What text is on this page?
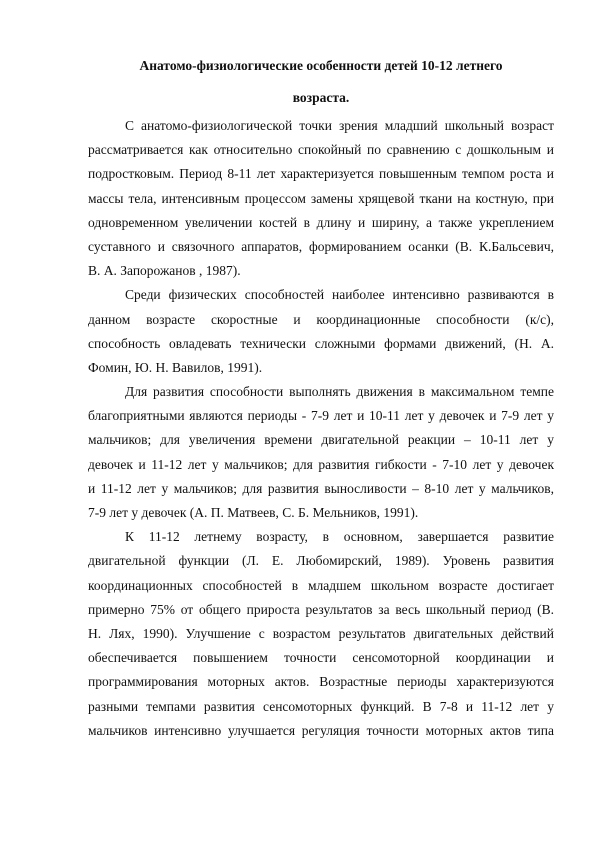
Анатомо-физиологические особенности детей 10-12 летнего
возраста.
С анатомо-физиологической точки зрения младший школьный возраст
рассматривается как относительно спокойный по сравнению с дошкольным и
подростковым. Период 8-11 лет характеризуется повышенным темпом роста и
массы тела, интенсивным процессом замены хрящевой ткани на костную, при
одновременном увеличении костей в длину и ширину, а также укреплением
суставного и связочного аппаратов, формированием осанки (В. К.Бальсевич,
В. А. Запорожанов , 1987).
Среди физических способностей наиболее интенсивно развиваются в
данном возрасте скоростные и координационные способности (к/с),
способность овладевать технически сложными формами движений, (Н. А.
Фомин, Ю. Н. Вавилов, 1991).
Для развития способности выполнять движения в максимальном темпе
благоприятными являются периоды - 7-9 лет и 10-11 лет у девочек и 7-9 лет у
мальчиков; для увеличения времени двигательной реакции – 10-11 лет у
девочек и 11-12 лет у мальчиков; для развития гибкости - 7-10 лет у девочек
и 11-12 лет у мальчиков; для развития выносливости – 8-10 лет у мальчиков,
7-9 лет у девочек (А. П. Матвеев, С. Б. Мельников, 1991).
К 11-12 летнему возрасту, в основном, завершается развитие
двигательной функции (Л. Е. Любомирский, 1989). Уровень развития
координационных способностей в младшем школьном возрасте достигает
примерно 75% от общего прироста результатов за весь школьный период (В.
Н. Лях, 1990). Улучшение с возрастом результатов двигательных действий
обеспечивается повышением точности сенсомоторной координации и
программирования моторных актов. Возрастные периоды характеризуются
разными темпами развития сенсомоторных функций. В 7-8 и 11-12 лет у
мальчиков интенсивно улучшается регуляция точности моторных актов типа
